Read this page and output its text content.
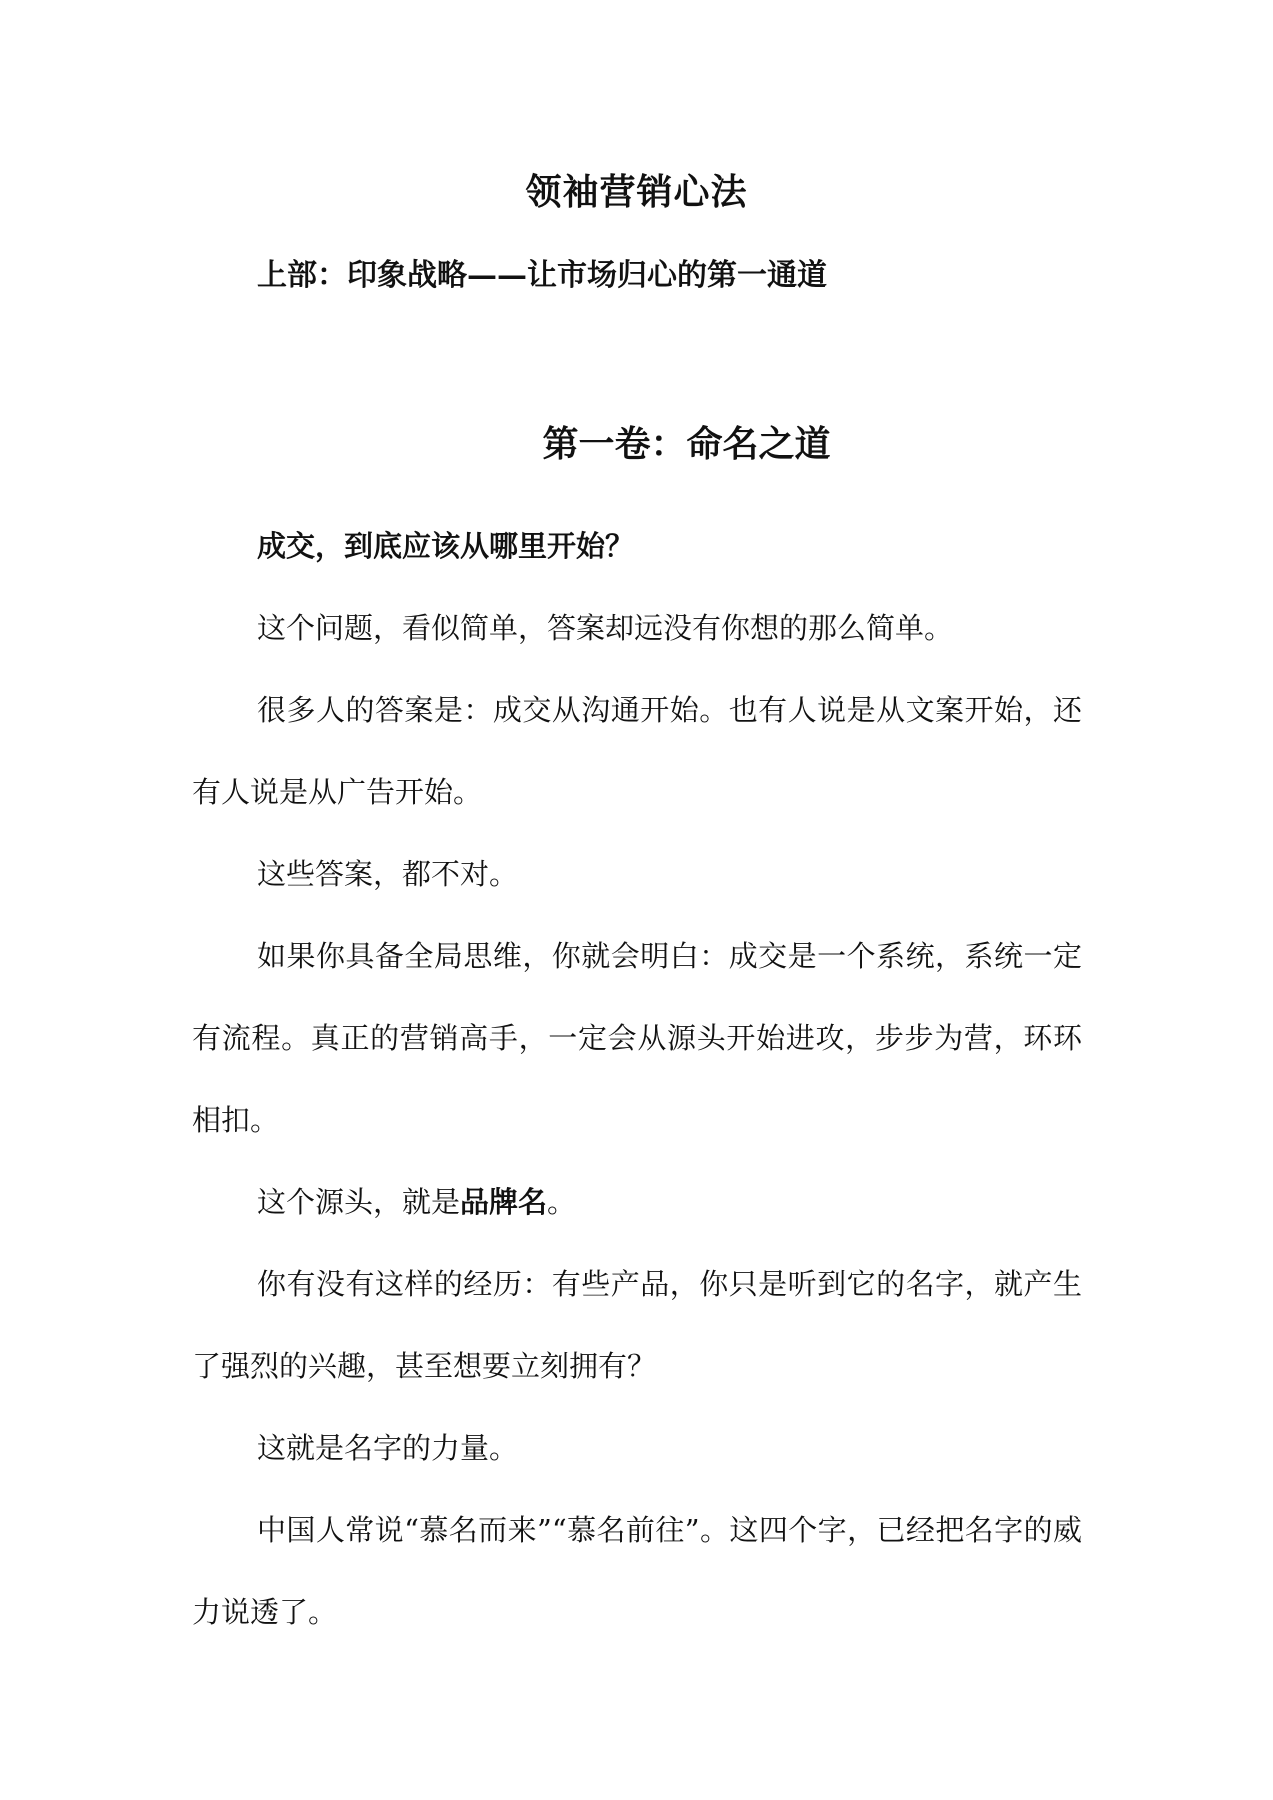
领袖营销心法
上部：印象战略——让市场归心的第一通道
第一卷：命名之道

成交，到底应该从哪里开始？

这个问题，看似简单，答案却远没有你想的那么简单。

很多人的答案是：成交从沟通开始。也有人说是从文案开始，还有人说是从广告开始。

这些答案，都不对。

如果你具备全局思维，你就会明白：成交是一个系统，系统一定有流程。真正的营销高手，一定会从源头开始进攻，步步为营，环环相扣。

这个源头，就是品牌名。

你有没有这样的经历：有些产品，你只是听到它的名字，就产生了强烈的兴趣，甚至想要立刻拥有？

这就是名字的力量。

中国人常说“慕名而来”“慕名前往”。这四个字，已经把名字的威力说透了。
